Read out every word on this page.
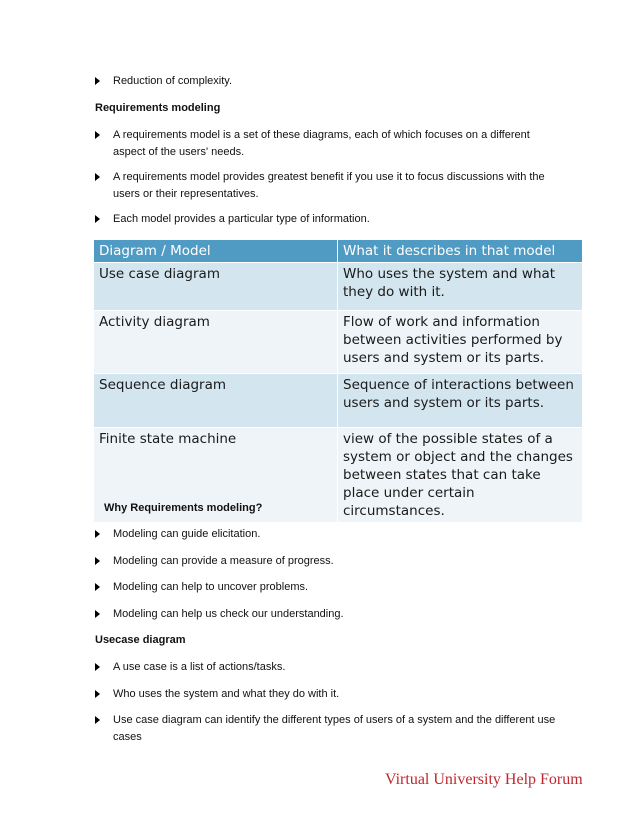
Reduction of complexity.
Requirements modeling
A requirements model is a set of these diagrams, each of which focuses on a different aspect of the users' needs.
A requirements model provides greatest benefit if you use it to focus discussions with the users or their representatives.
Each model provides a particular type of information.
Diagram / Model	What it describes in that model
Use case diagram	Who uses the system and what they do with it.
Activity diagram	Flow of work and information between activities performed by users and system or its parts.
Sequence diagram	Sequence of interactions between users and system or its parts.
Finite state machine	view of the possible states of a system or object and the changes between states that can take place under certain circumstances.
Why Requirements modeling?
Modeling can guide elicitation.
Modeling can provide a measure of progress.
Modeling can help to uncover problems.
Modeling can help us check our understanding.
Usecase diagram
A use case is a list of actions/tasks.
Who uses the system and what they do with it.
Use case diagram can identify the different types of users of a system and the different use cases
Virtual University Help Forum
